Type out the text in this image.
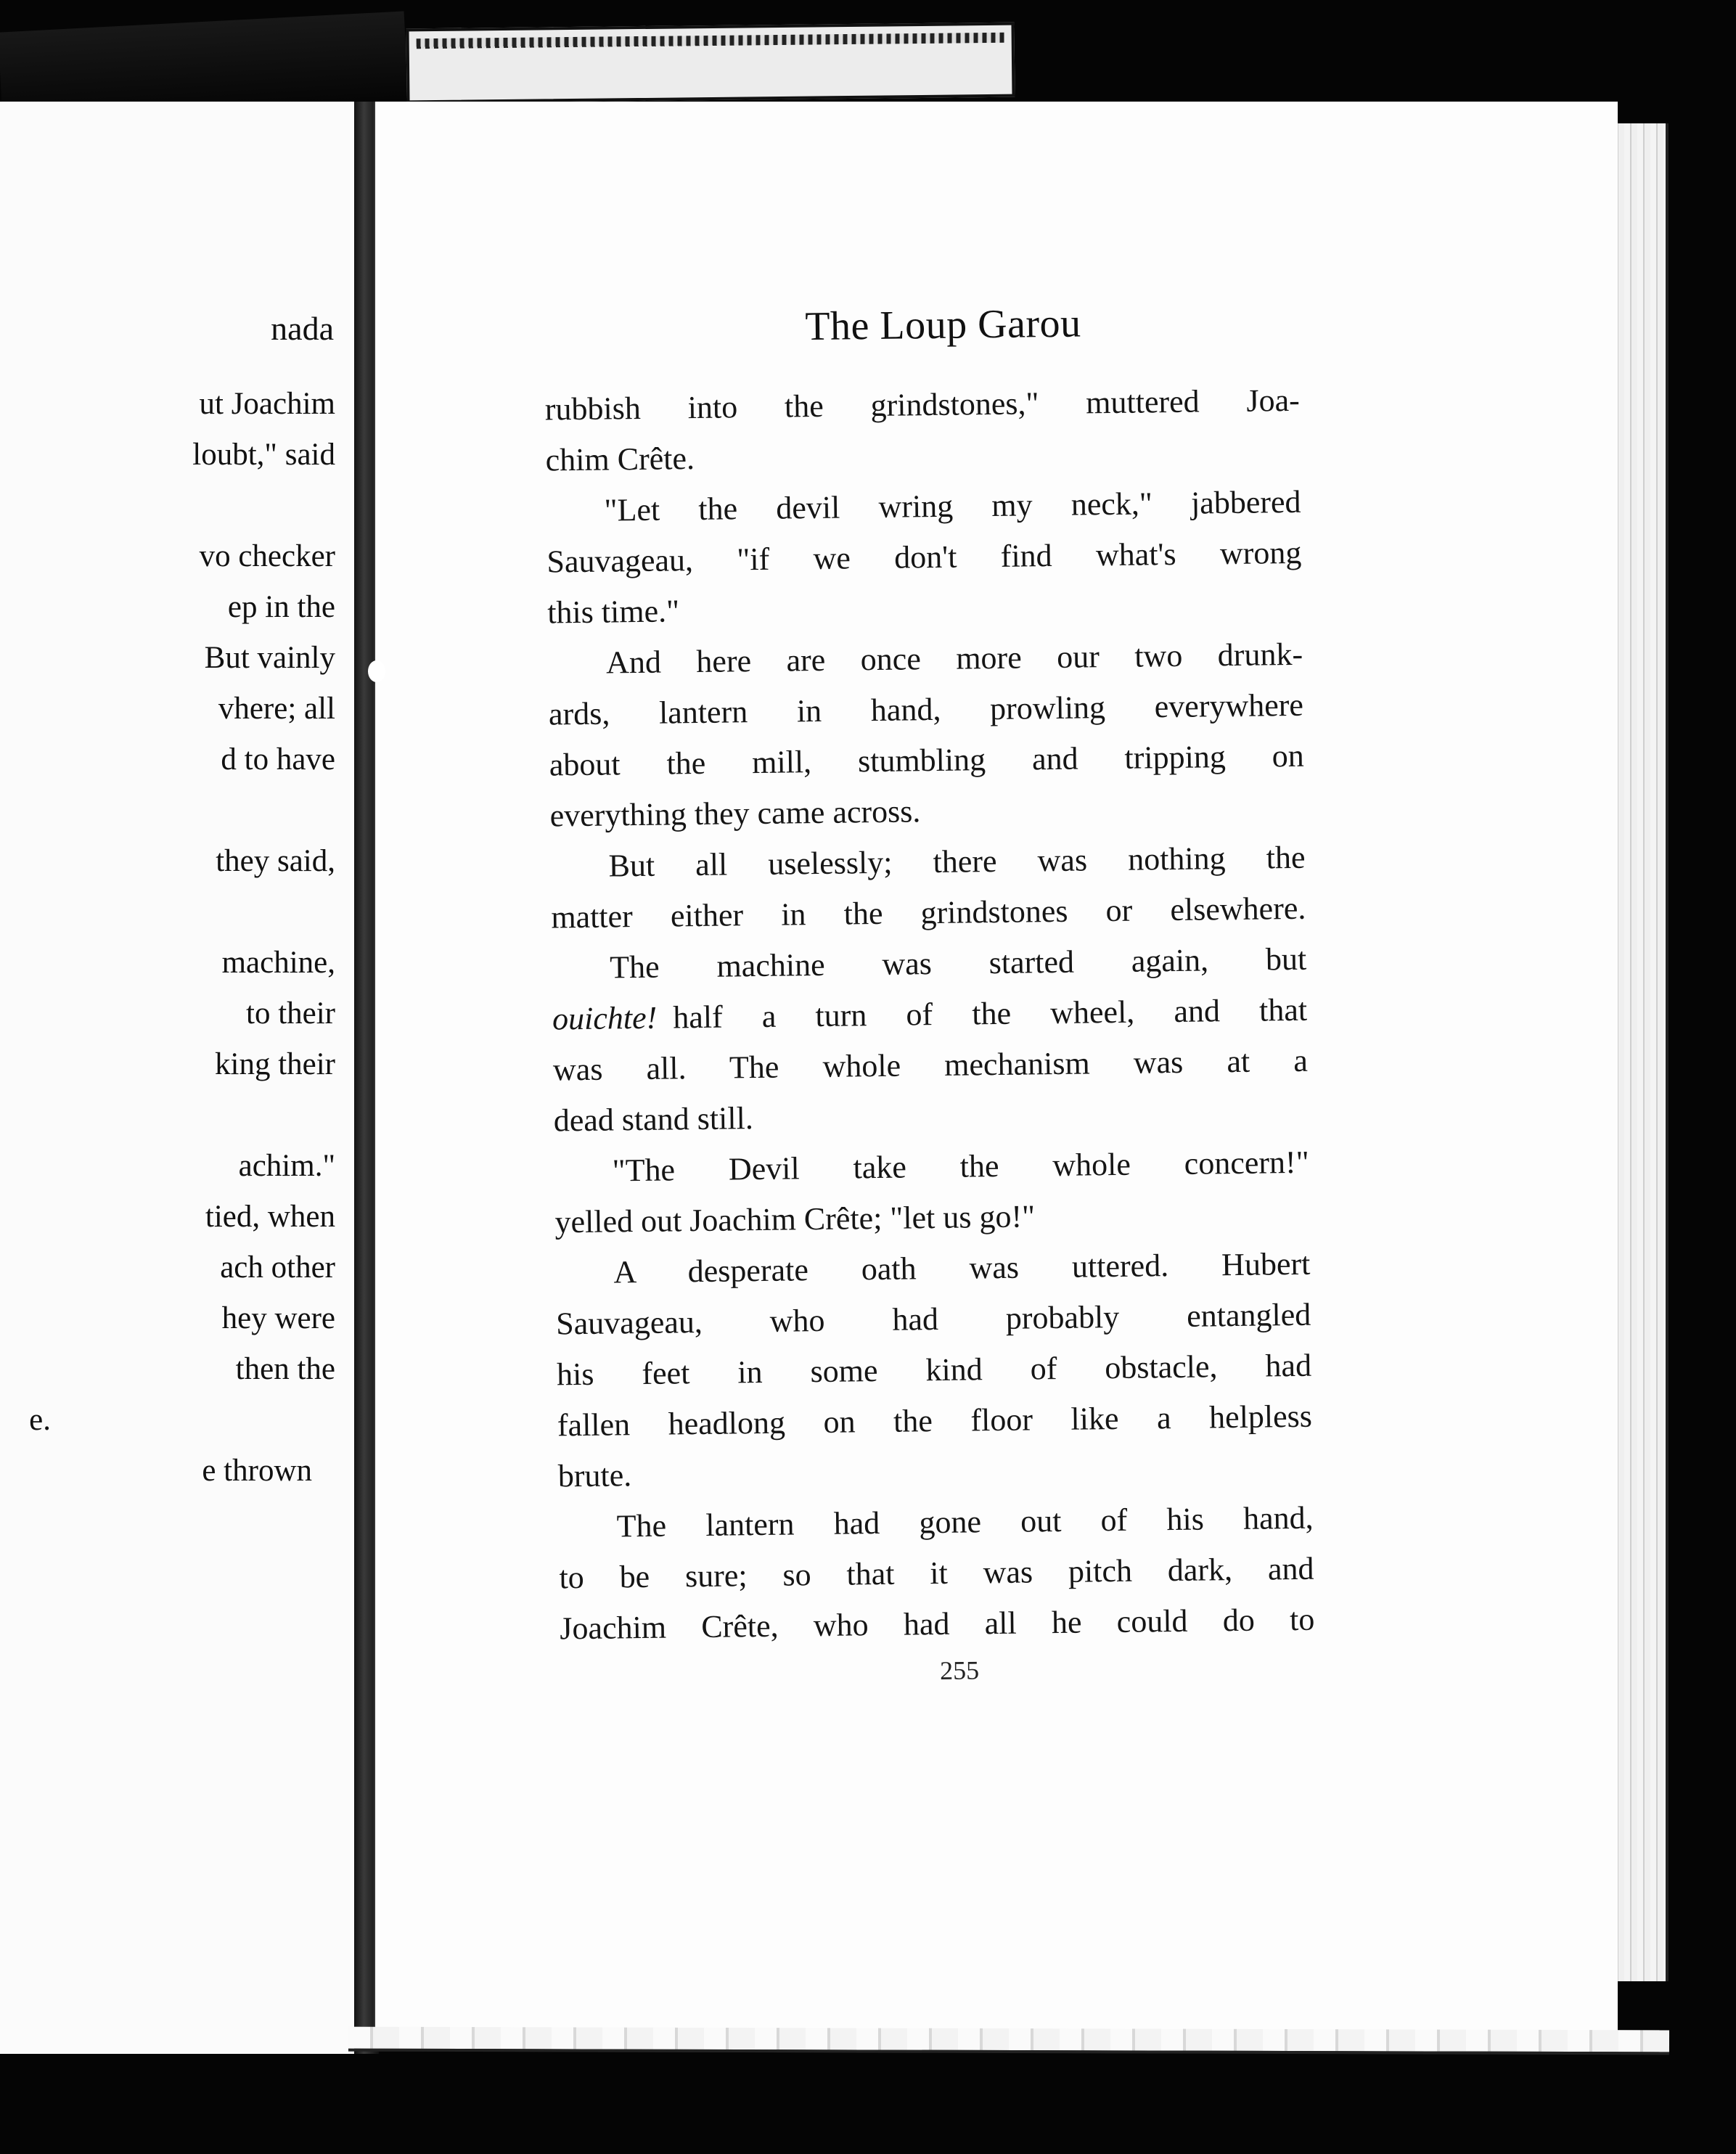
nada
ut Joachim
loubt," said
vo checker
ep in the
But vainly
vhere; all
d to have
they said,
machine,
to their
king their
achim."
tied, when
ach other
hey were
then the
e.
e thrown
The Loup Garou
rubbish into the grindstones," muttered Joa-
chim Crête.
"Let the devil wring my neck," jabbered
Sauvageau, "if we don't find what's wrong
this time."
And here are once more our two drunk-
ards, lantern in hand, prowling everywhere
about the mill, stumbling and tripping on
everything they came across.
But all uselessly; there was nothing the
matter either in the grindstones or elsewhere.
The machine was started again, but
ouichte! half a turn of the wheel, and that
was all. The whole mechanism was at a
dead stand still.
"The Devil take the whole concern!"
yelled out Joachim Crête; "let us go!"
A desperate oath was uttered. Hubert
Sauvageau, who had probably entangled
his feet in some kind of obstacle, had
fallen headlong on the floor like a helpless
brute.
The lantern had gone out of his hand,
to be sure; so that it was pitch dark, and
Joachim Crête, who had all he could do to
255
